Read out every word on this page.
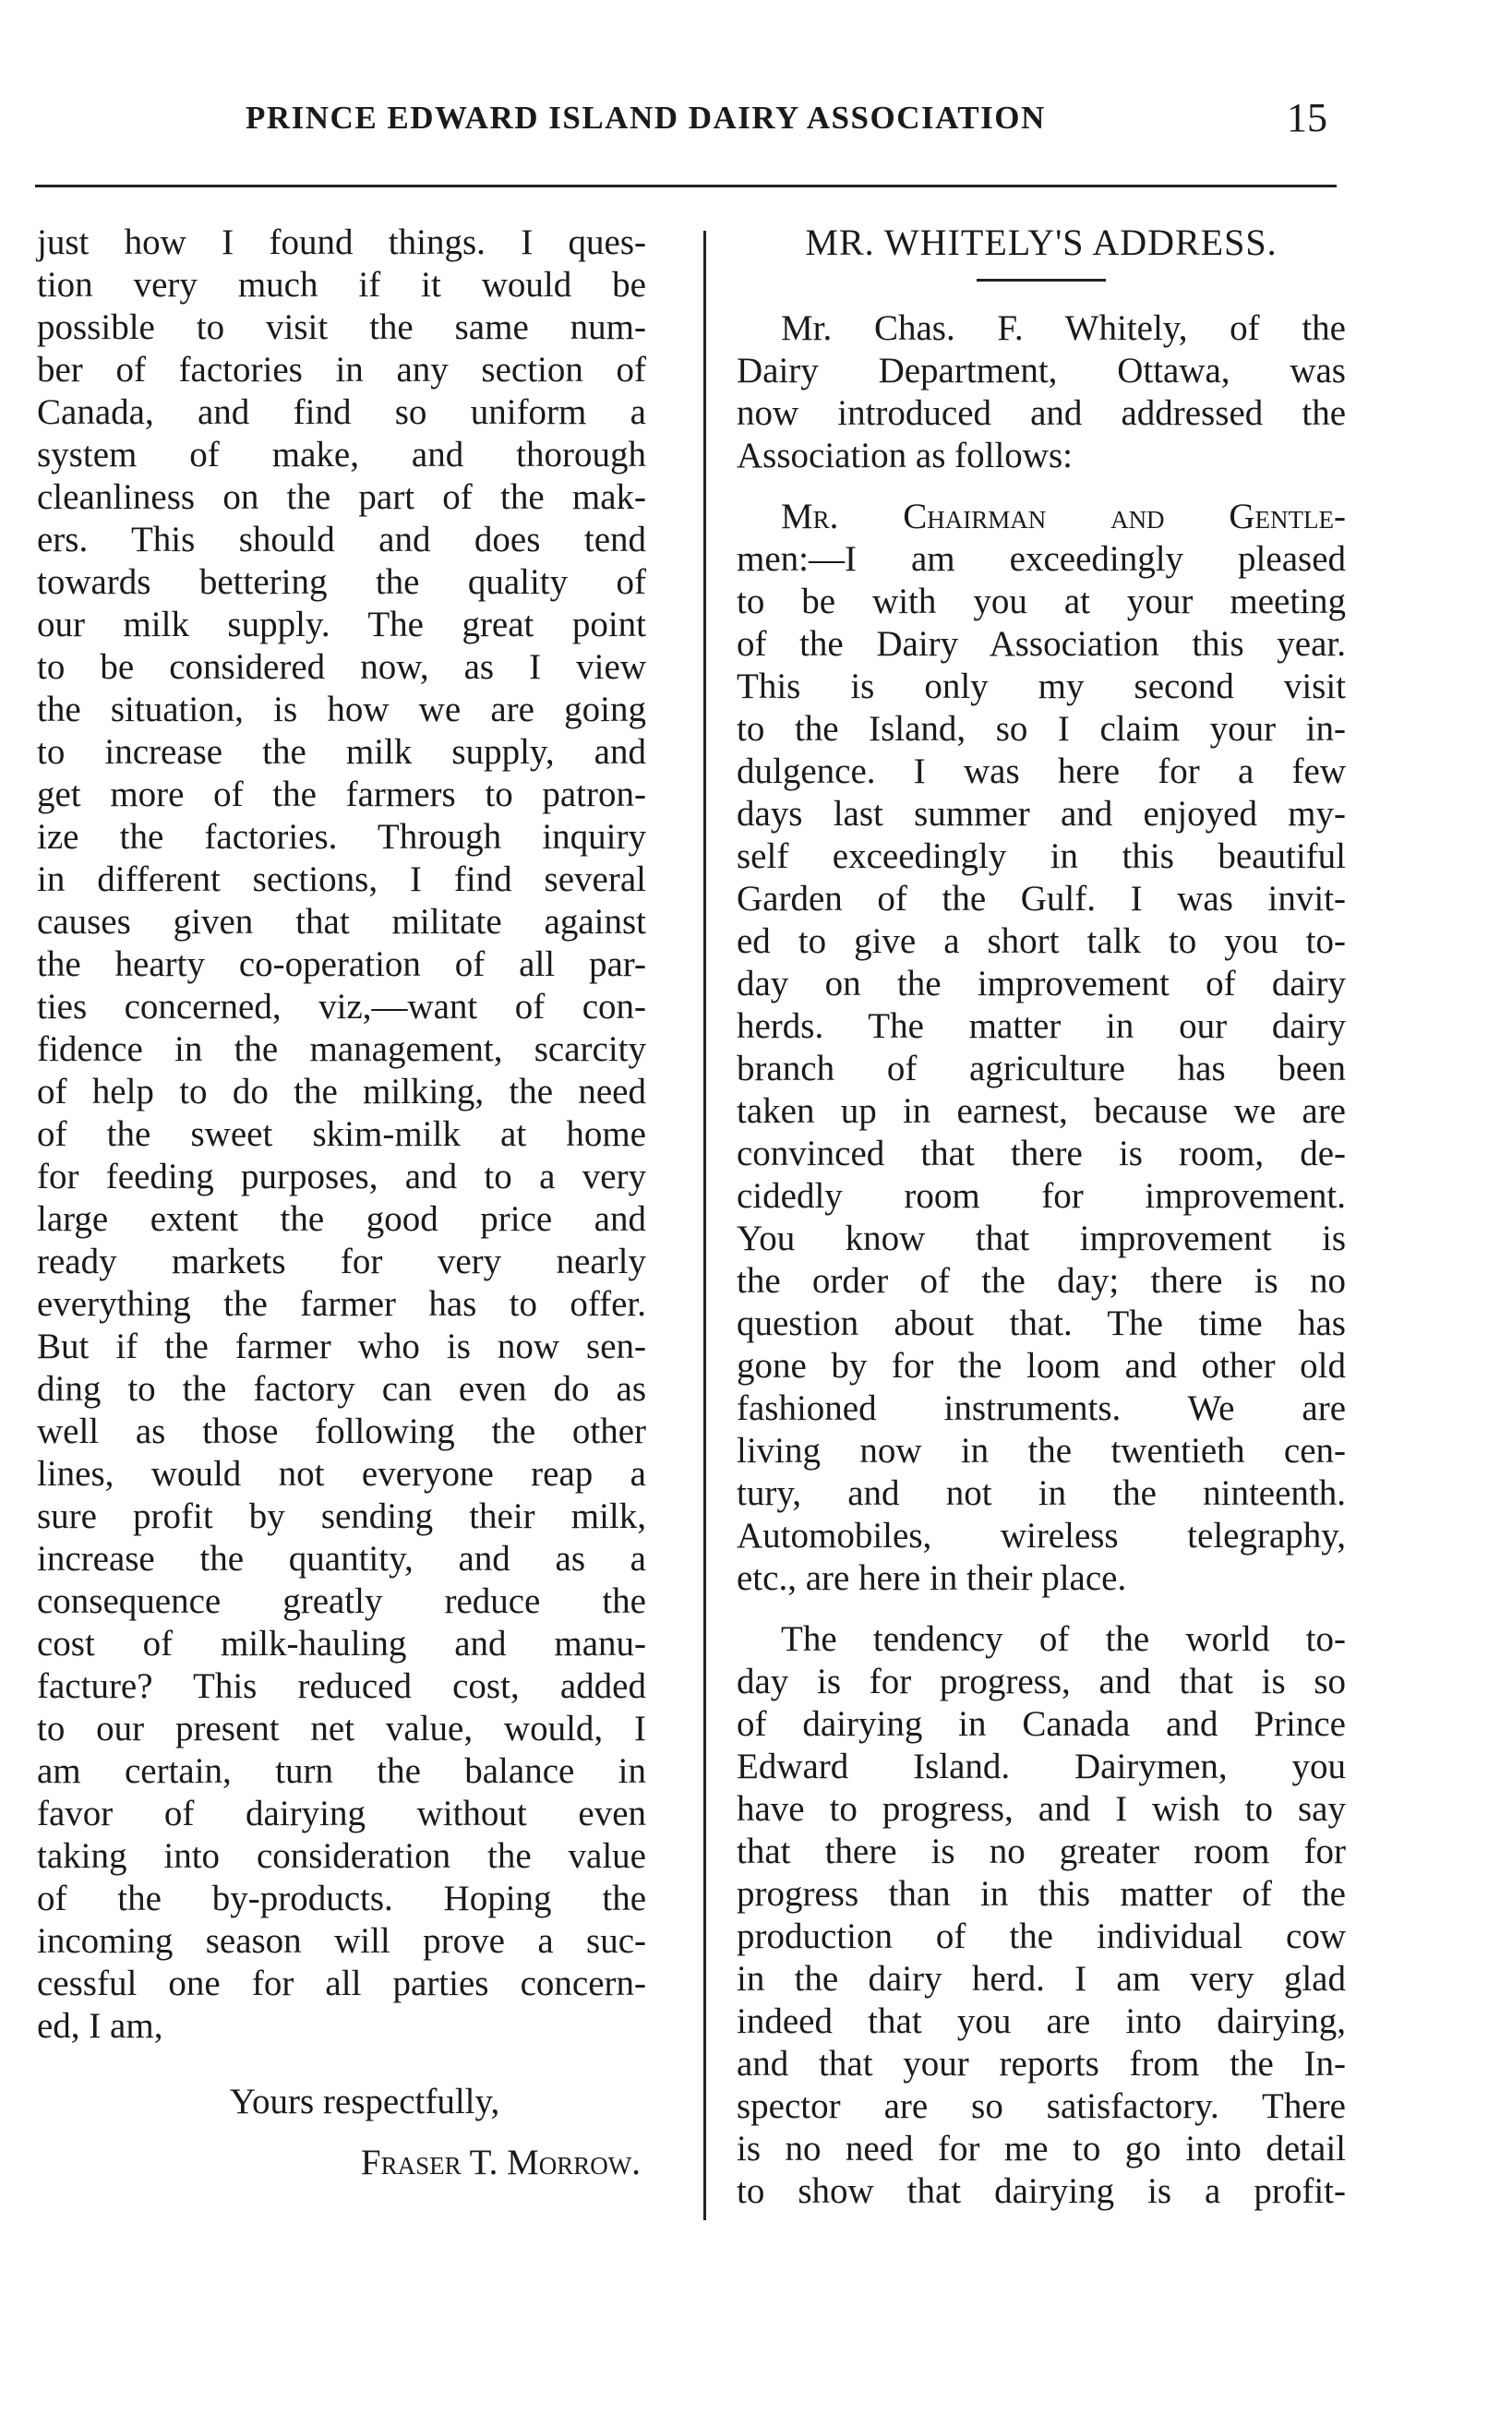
PRINCE EDWARD ISLAND DAIRY ASSOCIATION	15
just how I found things. I ques-
tion very much if it would be
possible to visit the same num-
ber of factories in any section of
Canada, and find so uniform a
system of make, and thorough
cleanliness on the part of the mak-
ers. This should and does tend
towards bettering the quality of
our milk supply. The great point
to be considered now, as I view
the situation, is how we are going
to increase the milk supply, and
get more of the farmers to patron-
ize the factories. Through inquiry
in different sections, I find several
causes given that militate against
the hearty co-operation of all par-
ties concerned, viz,—want of con-
fidence in the management, scarcity
of help to do the milking, the need
of the sweet skim-milk at home
for feeding purposes, and to a very
large extent the good price and
ready markets for very nearly
everything the farmer has to offer.
But if the farmer who is now sen-
ding to the factory can even do as
well as those following the other
lines, would not everyone reap a
sure profit by sending their milk,
increase the quantity, and as a
consequence greatly reduce the
cost of milk-hauling and manu-
facture? This reduced cost, added
to our present net value, would, I
am certain, turn the balance in
favor of dairying without even
taking into consideration the value
of the by-products. Hoping the
incoming season will prove a suc-
cessful one for all parties concern-
ed, I am,
Yours respectfully,
Fraser T. Morrow.
MR. WHITELY'S ADDRESS.
Mr. Chas. F. Whitely, of the
Dairy Department, Ottawa, was
now introduced and addressed the
Association as follows:
Mr. Chairman and Gentle-
men:—I am exceedingly pleased
to be with you at your meeting
of the Dairy Association this year.
This is only my second visit
to the Island, so I claim your in-
dulgence. I was here for a few
days last summer and enjoyed my-
self exceedingly in this beautiful
Garden of the Gulf. I was invit-
ed to give a short talk to you to-
day on the improvement of dairy
herds. The matter in our dairy
branch of agriculture has been
taken up in earnest, because we are
convinced that there is room, de-
cidedly room for improvement.
You know that improvement is
the order of the day; there is no
question about that. The time has
gone by for the loom and other old
fashioned instruments. We are
living now in the twentieth cen-
tury, and not in the ninteenth.
Automobiles, wireless telegraphy,
etc., are here in their place.
The tendency of the world to-
day is for progress, and that is so
of dairying in Canada and Prince
Edward Island. Dairymen, you
have to progress, and I wish to say
that there is no greater room for
progress than in this matter of the
production of the individual cow
in the dairy herd. I am very glad
indeed that you are into dairying,
and that your reports from the In-
spector are so satisfactory. There
is no need for me to go into detail
to show that dairying is a profit-
